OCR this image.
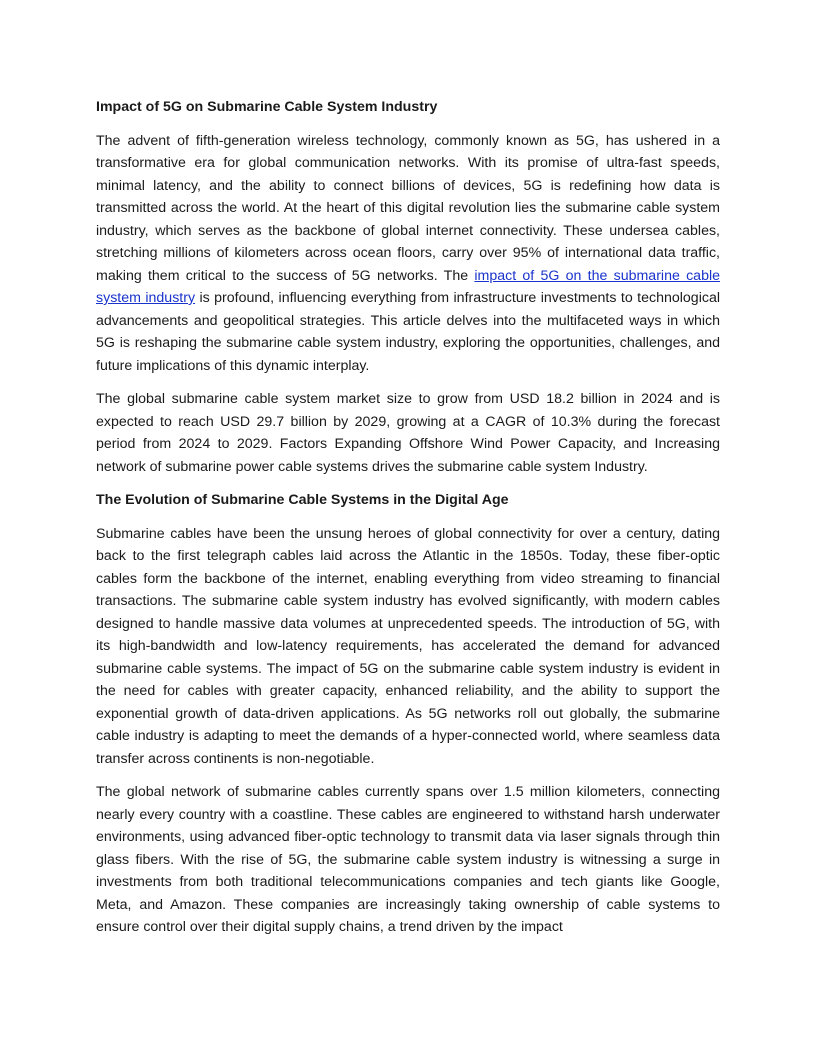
Impact of 5G on Submarine Cable System Industry

The advent of fifth-generation wireless technology, commonly known as 5G, has ushered in a transformative era for global communication networks. With its promise of ultra-fast speeds, minimal latency, and the ability to connect billions of devices, 5G is redefining how data is transmitted across the world. At the heart of this digital revolution lies the submarine cable system industry, which serves as the backbone of global internet connectivity. These undersea cables, stretching millions of kilometers across ocean floors, carry over 95% of international data traffic, making them critical to the success of 5G networks. The impact of 5G on the submarine cable system industry is profound, influencing everything from infrastructure investments to technological advancements and geopolitical strategies. This article delves into the multifaceted ways in which 5G is reshaping the submarine cable system industry, exploring the opportunities, challenges, and future implications of this dynamic interplay.

The global submarine cable system market size to grow from USD 18.2 billion in 2024 and is expected to reach USD 29.7 billion by 2029, growing at a CAGR of 10.3% during the forecast period from 2024 to 2029. Factors Expanding Offshore Wind Power Capacity, and Increasing network of submarine power cable systems drives the submarine cable system Industry.

The Evolution of Submarine Cable Systems in the Digital Age

Submarine cables have been the unsung heroes of global connectivity for over a century, dating back to the first telegraph cables laid across the Atlantic in the 1850s. Today, these fiber-optic cables form the backbone of the internet, enabling everything from video streaming to financial transactions. The submarine cable system industry has evolved significantly, with modern cables designed to handle massive data volumes at unprecedented speeds. The introduction of 5G, with its high-bandwidth and low-latency requirements, has accelerated the demand for advanced submarine cable systems. The impact of 5G on the submarine cable system industry is evident in the need for cables with greater capacity, enhanced reliability, and the ability to support the exponential growth of data-driven applications. As 5G networks roll out globally, the submarine cable industry is adapting to meet the demands of a hyper-connected world, where seamless data transfer across continents is non-negotiable.

The global network of submarine cables currently spans over 1.5 million kilometers, connecting nearly every country with a coastline. These cables are engineered to withstand harsh underwater environments, using advanced fiber-optic technology to transmit data via laser signals through thin glass fibers. With the rise of 5G, the submarine cable system industry is witnessing a surge in investments from both traditional telecommunications companies and tech giants like Google, Meta, and Amazon. These companies are increasingly taking ownership of cable systems to ensure control over their digital supply chains, a trend driven by the impact
